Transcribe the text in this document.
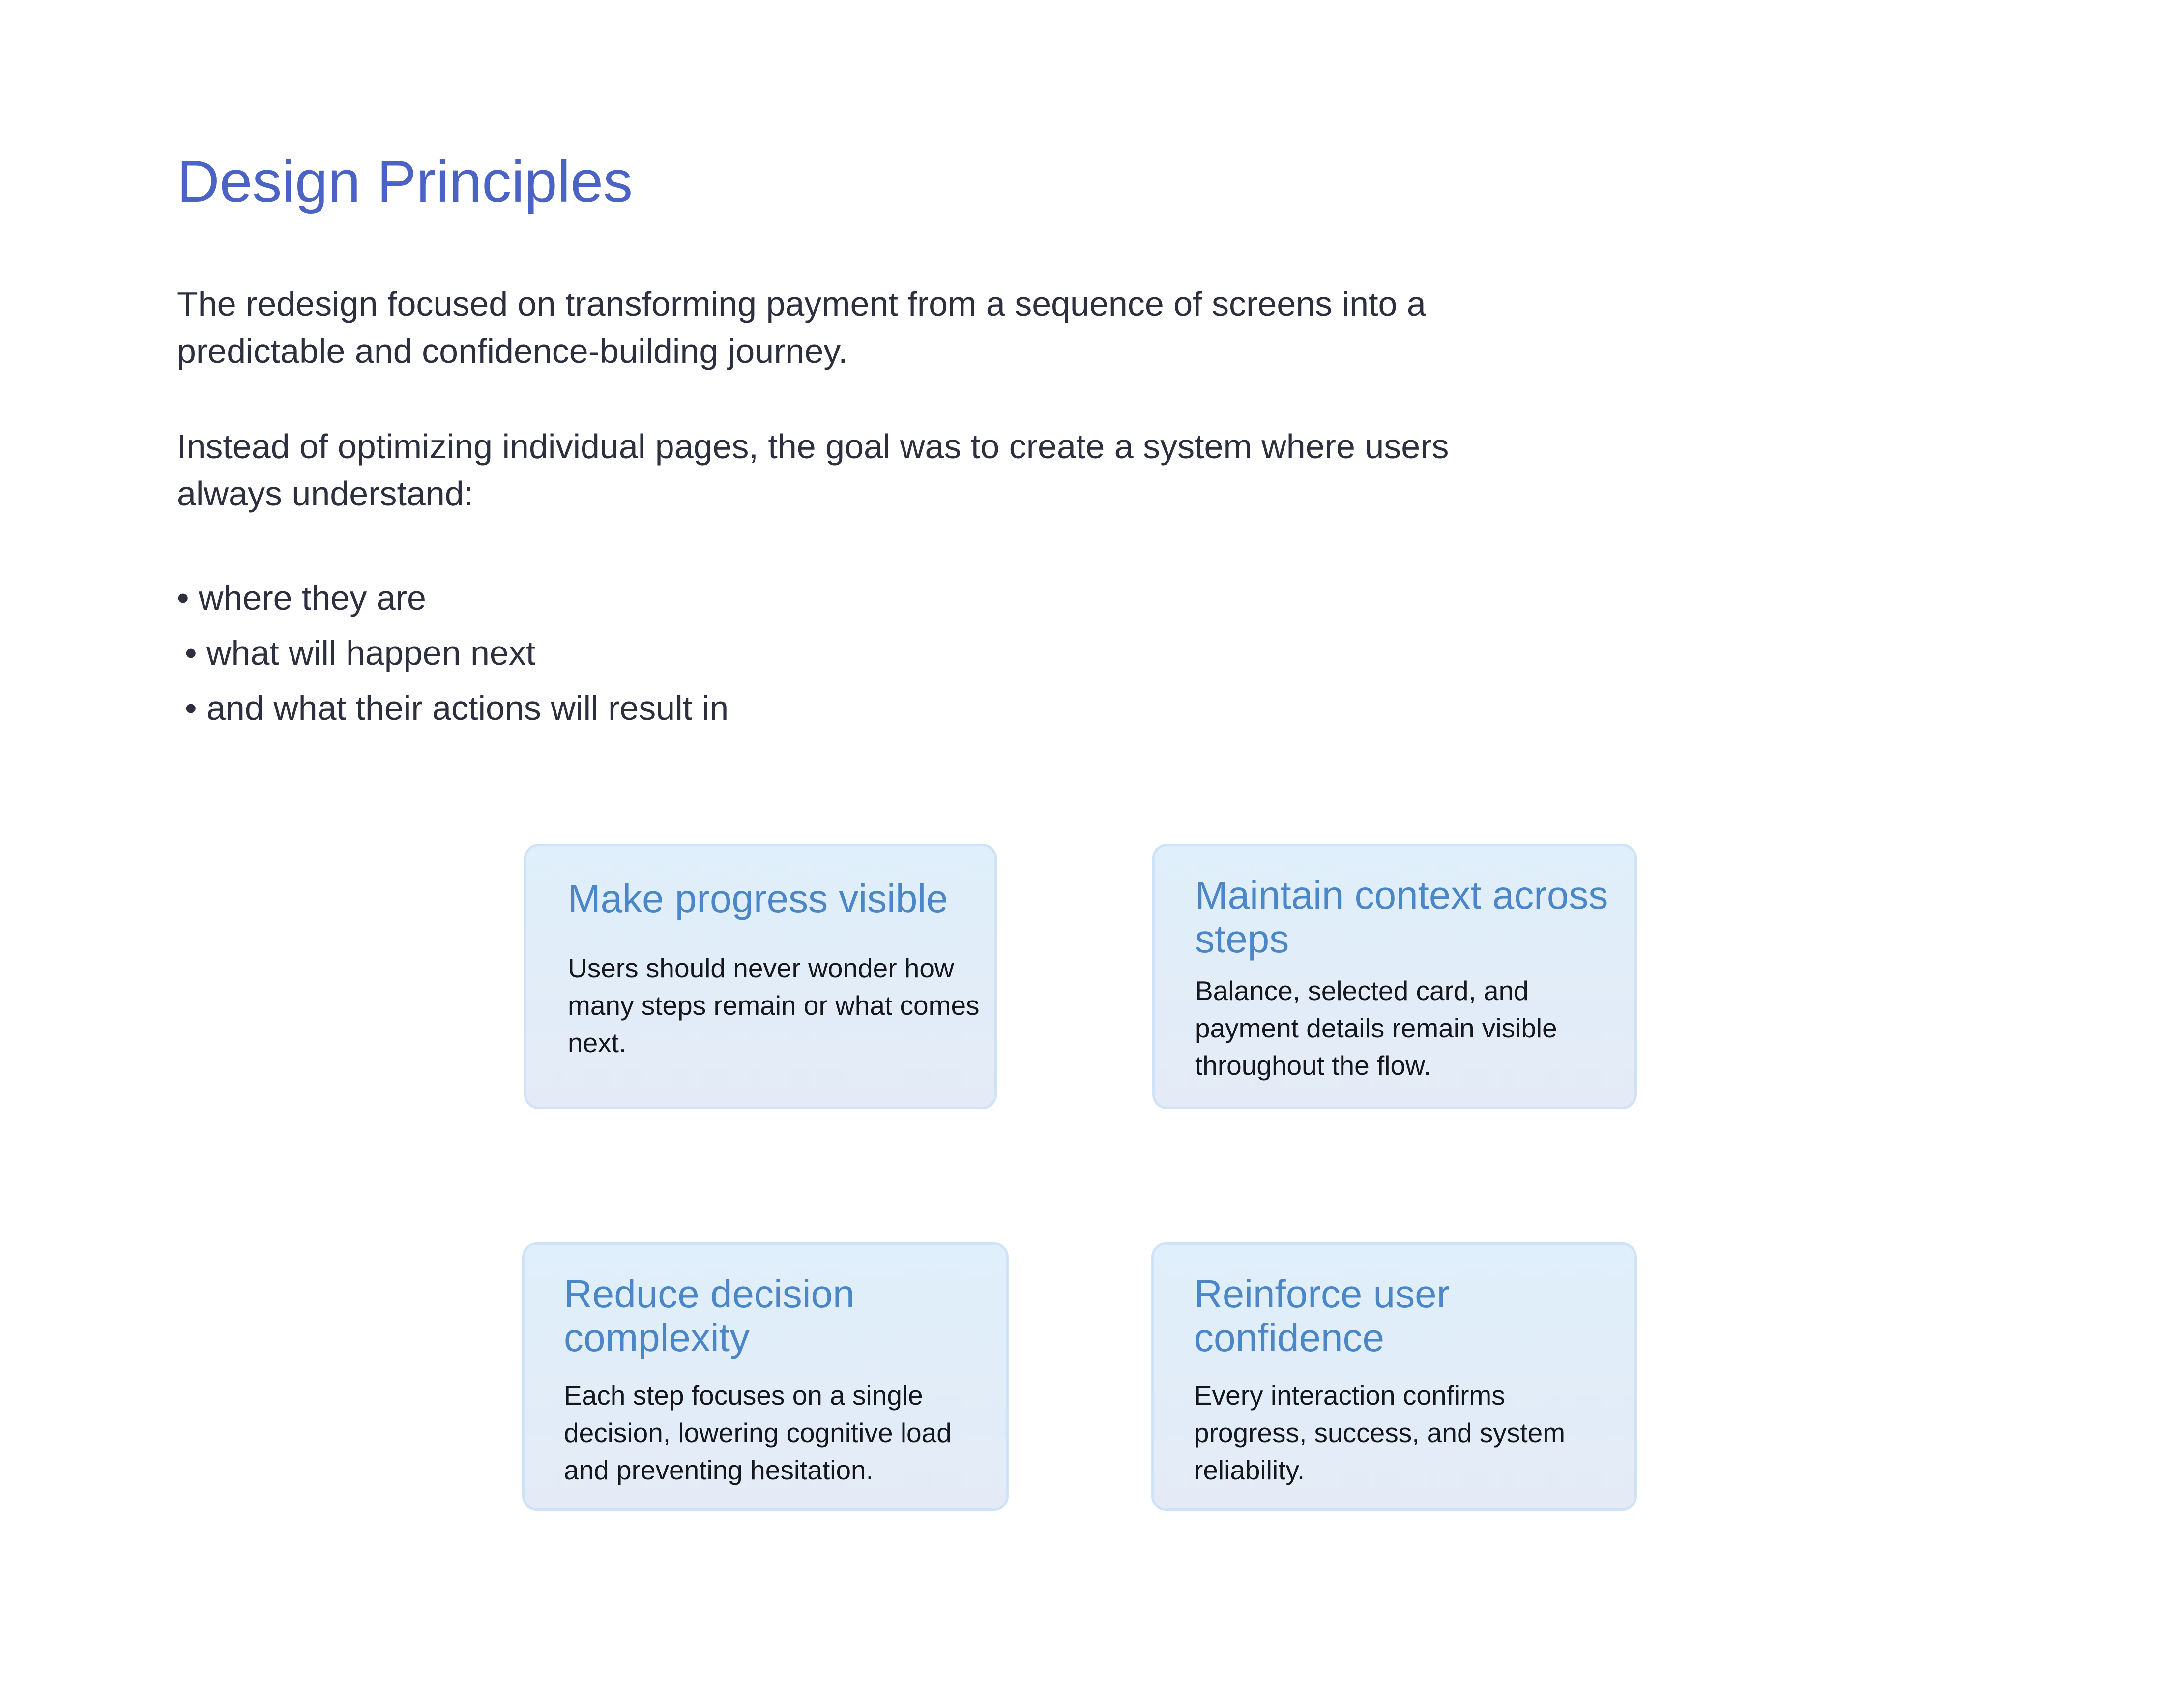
Design Principles

The redesign focused on transforming payment from a sequence of screens into a predictable and confidence-building journey.

Instead of optimizing individual pages, the goal was to create a system where users always understand:

• where they are
• what will happen next
• and what their actions will result in
Make progress visible

Users should never wonder how many steps remain or what comes next.

Maintain context across steps

Balance, selected card, and payment details remain visible throughout the flow.

Reduce decision complexity

Each step focuses on a single decision, lowering cognitive load and preventing hesitation.

Reinforce user confidence

Every interaction confirms progress, success, and system reliability.
